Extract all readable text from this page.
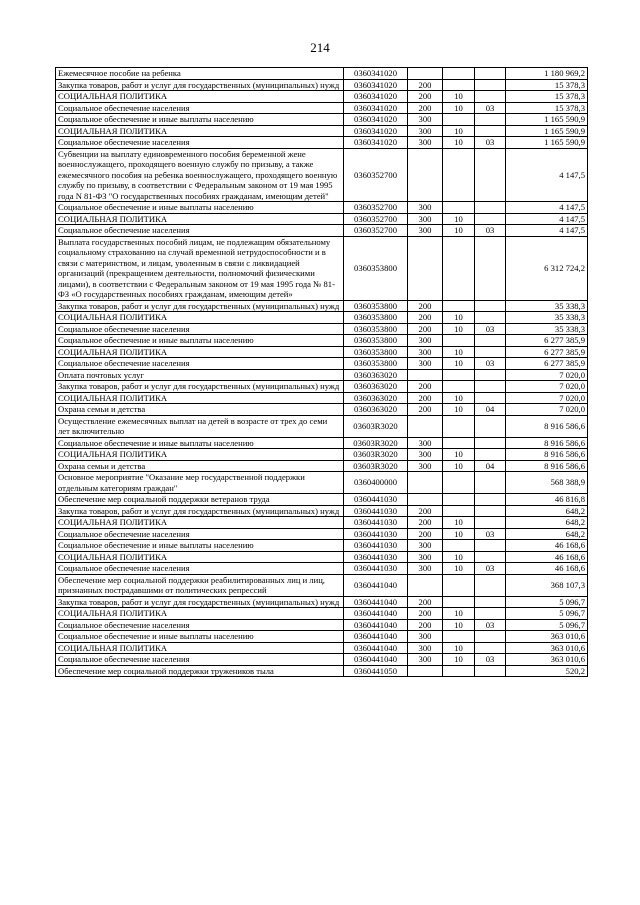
214
Ежемесячное пособие на ребенка	0360341020				1 180 969,2
Закупка товаров, работ и услуг для государственных (муниципальных) нужд	0360341020	200			15 378,3
СОЦИАЛЬНАЯ ПОЛИТИКА	0360341020	200	10		15 378,3
Социальное обеспечение населения	0360341020	200	10	03	15 378,3
Социальное обеспечение и иные выплаты населению	0360341020	300			1 165 590,9
СОЦИАЛЬНАЯ ПОЛИТИКА	0360341020	300	10		1 165 590,9
Социальное обеспечение населения	0360341020	300	10	03	1 165 590,9
Субвенции на выплату единовременного пособия беременной жене военнослужащего, проходящего военную службу по призыву, а также ежемесячного пособия на ребенка военнослужащего, проходящего военную службу по призыву, в соответствии с Федеральным законом от 19 мая 1995 года N 81-ФЗ "О государственных пособиях гражданам, имеющим детей"	0360352700				4 147,5
Социальное обеспечение и иные выплаты населению	0360352700	300			4 147,5
СОЦИАЛЬНАЯ ПОЛИТИКА	0360352700	300	10		4 147,5
Социальное обеспечение населения	0360352700	300	10	03	4 147,5
Выплата государственных пособий лицам, не подлежащим обязательному социальному страхованию на случай временной нетрудоспособности и в связи с материнством, и лицам, уволенным в связи с ликвидацией организаций (прекращением деятельности, полномочий физическими лицами), в соответствии с Федеральным законом от 19 мая 1995 года № 81-ФЗ «О государственных пособиях гражданам, имеющим детей»	0360353800				6 312 724,2
Закупка товаров, работ и услуг для государственных (муниципальных) нужд	0360353800	200			35 338,3
СОЦИАЛЬНАЯ ПОЛИТИКА	0360353800	200	10		35 338,3
Социальное обеспечение населения	0360353800	200	10	03	35 338,3
Социальное обеспечение и иные выплаты населению	0360353800	300			6 277 385,9
СОЦИАЛЬНАЯ ПОЛИТИКА	0360353800	300	10		6 277 385,9
Социальное обеспечение населения	0360353800	300	10	03	6 277 385,9
Оплата почтовых услуг	0360363020				7 020,0
Закупка товаров, работ и услуг для государственных (муниципальных) нужд	0360363020	200			7 020,0
СОЦИАЛЬНАЯ ПОЛИТИКА	0360363020	200	10		7 020,0
Охрана семьи и детства	0360363020	200	10	04	7 020,0
Осуществление ежемесячных выплат на детей в возрасте от трех до семи лет включительно	03603R3020				8 916 586,6
Социальное обеспечение и иные выплаты населению	03603R3020	300			8 916 586,6
СОЦИАЛЬНАЯ ПОЛИТИКА	03603R3020	300	10		8 916 586,6
Охрана семьи и детства	03603R3020	300	10	04	8 916 586,6
Основное мероприятие "Оказание мер государственной поддержки отдельным категориям граждан"	0360400000				568 388,9
Обеспечение мер социальной поддержки ветеранов труда	0360441030				46 816,8
Закупка товаров, работ и услуг для государственных (муниципальных) нужд	0360441030	200			648,2
СОЦИАЛЬНАЯ ПОЛИТИКА	0360441030	200	10		648,2
Социальное обеспечение населения	0360441030	200	10	03	648,2
Социальное обеспечение и иные выплаты населению	0360441030	300			46 168,6
СОЦИАЛЬНАЯ ПОЛИТИКА	0360441030	300	10		46 168,6
Социальное обеспечение населения	0360441030	300	10	03	46 168,6
Обеспечение мер социальной поддержки реабилитированных лиц и лиц, признанных пострадавшими от политических репрессий	0360441040				368 107,3
Закупка товаров, работ и услуг для государственных (муниципальных) нужд	0360441040	200			5 096,7
СОЦИАЛЬНАЯ ПОЛИТИКА	0360441040	200	10		5 096,7
Социальное обеспечение населения	0360441040	200	10	03	5 096,7
Социальное обеспечение и иные выплаты населению	0360441040	300			363 010,6
СОЦИАЛЬНАЯ ПОЛИТИКА	0360441040	300	10		363 010,6
Социальное обеспечение населения	0360441040	300	10	03	363 010,6
Обеспечение мер социальной поддержки тружеников тыла	0360441050				520,2
